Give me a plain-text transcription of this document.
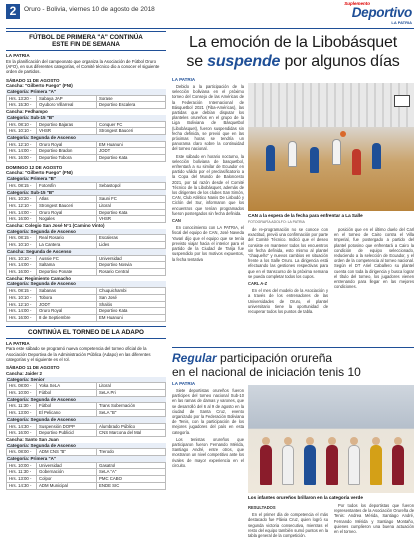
2	Oruro - Bolivia, viernes 10 de agosto de 2018
Suplemento
Deportivo
LA PATRIA
FÚTBOL DE PRIMERA "A" CONTINÚA
ESTE FIN DE SEMANA
LA PATRIA
En la planificación del campeonato que organiza la Asociación de Fútbol Oruro (AFO), en sus diferentes categorías, el Comité técnico dio a conocer el siguiente orden de partidos.
SÁBADO 11 DE AGOSTO
Cancha: "Gilberto Fuego" (FNI)
Categoría: Primera "A"
Hrs. 13:20 -	Sabaya JAP	Sorase
Hrs. 15:30 -	Oyuboro Villarreal	Deportivo Escalera
Cancha: Fedhampo
Categoría: Sub-15 "B"
Hrs. 08:10 -	Deportivo Bajaras	Conquer FC
Hrs. 10:10 -	VHSR	Strongest Bauceri
Categoría: Segunda de Ascenso
Hrs. 12:10 -	Oruro Royal	EM Huanuni
Hrs. 14:00 -	Deportivo Bradon	JODT
Hrs. 16:00 -	Deportivo Tobora	Deportivo Kata
DOMINGO 12 DE AGOSTO
Cancha: "Gilberto Fuego" (FNI)
Categoría: Primera "B"
Hrs. 08:15 -	Fotorsfin	Sebastopol
Categoría: Sub-15 "B"
Hrs. 10:20 -	Atlas	Sauni FC
Hrs. 12:10 -	Strongest Bauceri	Litoral
Hrs. 14:00 -	Oruro Royal	Deportivo Kata
Hrs. 16:00 -	Nogales	VHSR
Cancha: Colegio San José N°1 (Camino Vinto)
Categoría: Segunda de Ascenso
Hrs. 08:15 -	Real Rosario	Escaleras
Hrs. 10:10 -	La Cantera	Lides
Cancha: Segunda de Ascenso
Hrs. 10:10 -	Aussie FC	Universidad
Hrs. 14:00 -	Saltama	Deportivo Nosvia
Hrs. 16:00 -	Deportivo Ponate	Rosario Central
Cancha: Regimiento Camacho
Categoría: Segunda de Ascenso
Hrs. 08:15 -	Sabanas	Chuquichambi
Hrs. 10:10 -	Tobora	San José
Hrs. 12:10 -	JODT	Shalós
Hrs. 14:00 -	Oruro Royal	Deportivo Kata
Hrs. 16:00 -	8 de Septiembre	EM Huanuni
CONTINÚA EL TORNEO DE LA ADAPO
LA PATRIA
Para este sábado se programó nueva competencia del torneo oficial de la Asociación Deportiva de la Administración Pública (Adapo) en las diferentes categorías y el siguiente es el rol.
SÁBADO 11 DE AGOSTO
Cancha: Jaider 2
Categoría: Senior
Hrs. 08:00 -	Yoka SeLA	Litoral
Hrs. 10:00 -	Fútbol	SeLA Pri
Categoría: Segunda de Ascenso
Hrs. 11:30 -	Fútbol	Trans Sobernación
Hrs. 13:00 -	El Pelicano	SeLA "B"
Categoría: Segunda de Ascenso
Hrs. 14:30 -	Suspensión DOPP	Alumbrado Público
Hrs. 16:00 -	Deportivo Publicid	CNS Marcona del Mal
Cancha: Santo San Juan
Categoría: Segunda de Ascenso
Hrs. 08:00 -	ADM CNS "B"	Trerodo
Categoría: Primera "A"
Hrs. 10:00 -	Universidad	Gasatrol
Hrs. 11:30 -	Gobernación	SeLA "A"
Hrs. 13:00 -	Colpor	PMC CABO
Hrs. 14:30 -	ADM Municipal	ENDE SIC
La emoción de la Libobásquet
se suspende por algunos días
LA PATRIA

Debido a la participación de la selección boliviana en el próximo torneo del Consejo de las Américas de la Federación Internacional de Básquetbol 2021 (Fiba-Américas), las partidas que debían disputar los planteles orureños en el grupo de la Liga Boliviana de Básquetbol (Libobásquet), fueron suspendidas sin fecha definida, se previó que en las próximas horas se tendría un panorama claro sobre la continuidad del torneo nacional.

Este sábado en horario nocturno, la selección boliviana de basquetbol, enfrentará a su similar de Ecuador en partido válido por el preclasificatorio a la Copa del Mundo de Baloncesto 2021, por tal razón desde el Comité Técnico de la Libobásquet, además de los dirigentes de los clubes San Simón, CAN, Club Atlético Nanis De Lisbodó y Ciclón del Sur, informaron que los encuentros que tenían programados fueron postergados sin fecha definida.

CAN

En conocimiento con LA PATRIA, el fiscal del equipo de CAN, José Naveda Yavari dijo que el equipo que se tenía previsto viajar hacia el interior para el partido de la Ciudad de Tarija fue suspendido por los motivos expuestos, la fecha tentativa

CAN a la espera de la fecha para enfrentar a La Salle
FOTOGRAFÍA ADOLFO: LA PATRIA

de re-programación no se conoce con exactitud, previó una confirmación por parte del Comité Técnico. Indicó que el deseo consiste en mantener todos los encuentros sin fecha definida, esto mismo al plantel "chaqueño" y nuevos cambios en situación frente a los Salle Oruro. La dirigencia está efectuando las gestiones respectivas para que en el transcurso de la próxima semana se pueda completar todos los cupos.

CARL A-Z

En el mes del modelo de la Asociación y a través de los entrenadores de las Universidades de Oruro, el plantel universitario tiene la oportunidad de recuperar todos los puntos de tabla.

posición que en el último duelo del Carl en el torneo de Cairo contra el Villa Imperial, fue postergado a partido del plantel potosino que enfrentará a Cairo la condición de equipo seleccionado, reduciendo a la selección de Ecuador, y el orden de la competencia al torneo nacional. Según el DT Ariel Caballero su plantel cuenta con toda la dirigencia y busca lograr el título del torneo, los jugadores vienen entrenando para llegar en las mejores condiciones.

Regular participación orureña
en el nacional de iniciación tenis 10
LA PATRIA

Siete deportistas orureños fueron partícipes del torneo nacional Sub-10 en las ramas de damas y varones, que se desarrolló del 6 al 9 de agosto en la ciudad de Santa Cruz, evento organizado por la Federación Boliviana de Tenis, con la participación de los mejores jugadores del país en esta categoría.

Los tenistas orureños que participaron fueron Fernando Mérida, Santiago André, entre otros, que mostraron un nivel competitivo ante los rivales de mayor experiencia en el circuito.

Los infantes orureños brillaron en la categoría verde

RESULTADOS

En el primer día de competencia el más destacado fue Flávia Cruz, quien logró su segunda victoria consecutiva, mientras el resto del equipo también sumó puntos en la tabla general de la competición.

Por todos los deportistas que fueron representantes de la Asociación Orureña de Tenis: Andrea Mérida, Santiago André, Fernando Mérida y Santiago Montaño, quienes cumplieron una buena actuación en el torneo.
